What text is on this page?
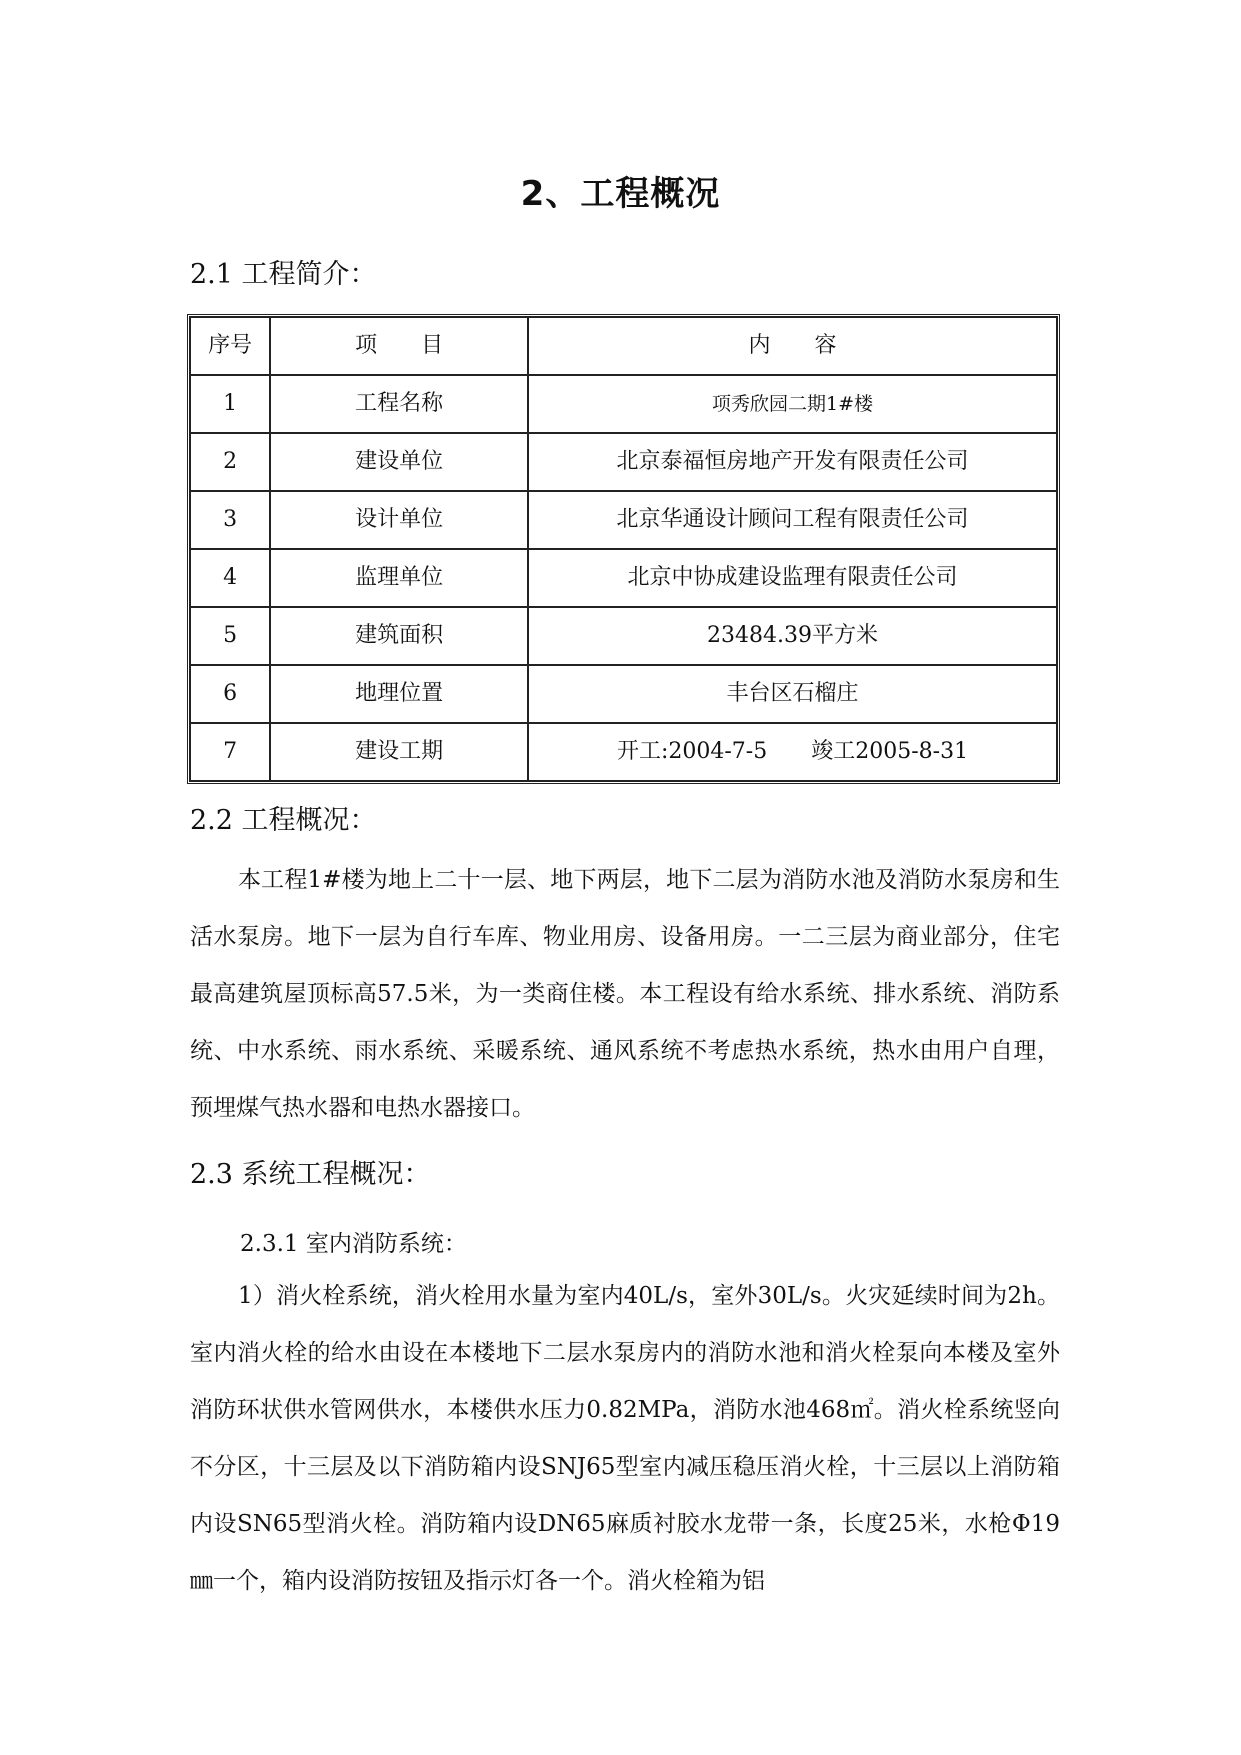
2、工程概况
2.1 工程简介：
序号	项　　目	内　　容
1	工程名称	项秀欣园二期1#楼
2	建设单位	北京泰福恒房地产开发有限责任公司
3	设计单位	北京华通设计顾问工程有限责任公司
4	监理单位	北京中协成建设监理有限责任公司
5	建筑面积	23484.39平方米
6	地理位置	丰台区石榴庄
7	建设工期	开工:2004-7-5　　竣工2005-8-31
2.2 工程概况：

本工程1#楼为地上二十一层、地下两层，地下二层为消防水池及消防水泵房和生活水泵房。地下一层为自行车库、物业用房、设备用房。一二三层为商业部分，住宅最高建筑屋顶标高57.5米，为一类商住楼。本工程设有给水系统、排水系统、消防系统、中水系统、雨水系统、采暖系统、通风系统不考虑热水系统，热水由用户自理，预埋煤气热水器和电热水器接口。

2.3 系统工程概况：
2.3.1 室内消防系统：

1）消火栓系统，消火栓用水量为室内40L/s，室外30L/s。火灾延续时间为2h。室内消火栓的给水由设在本楼地下二层水泵房内的消防水池和消火栓泵向本楼及室外消防环状供水管网供水，本楼供水压力0.82MPa，消防水池468㎡。消火栓系统竖向不分区，十三层及以下消防箱内设SNJ65型室内减压稳压消火栓，十三层以上消防箱内设SN65型消火栓。消防箱内设DN65麻质衬胶水龙带一条，长度25米，水枪Φ19㎜一个，箱内设消防按钮及指示灯各一个。消火栓箱为铝
